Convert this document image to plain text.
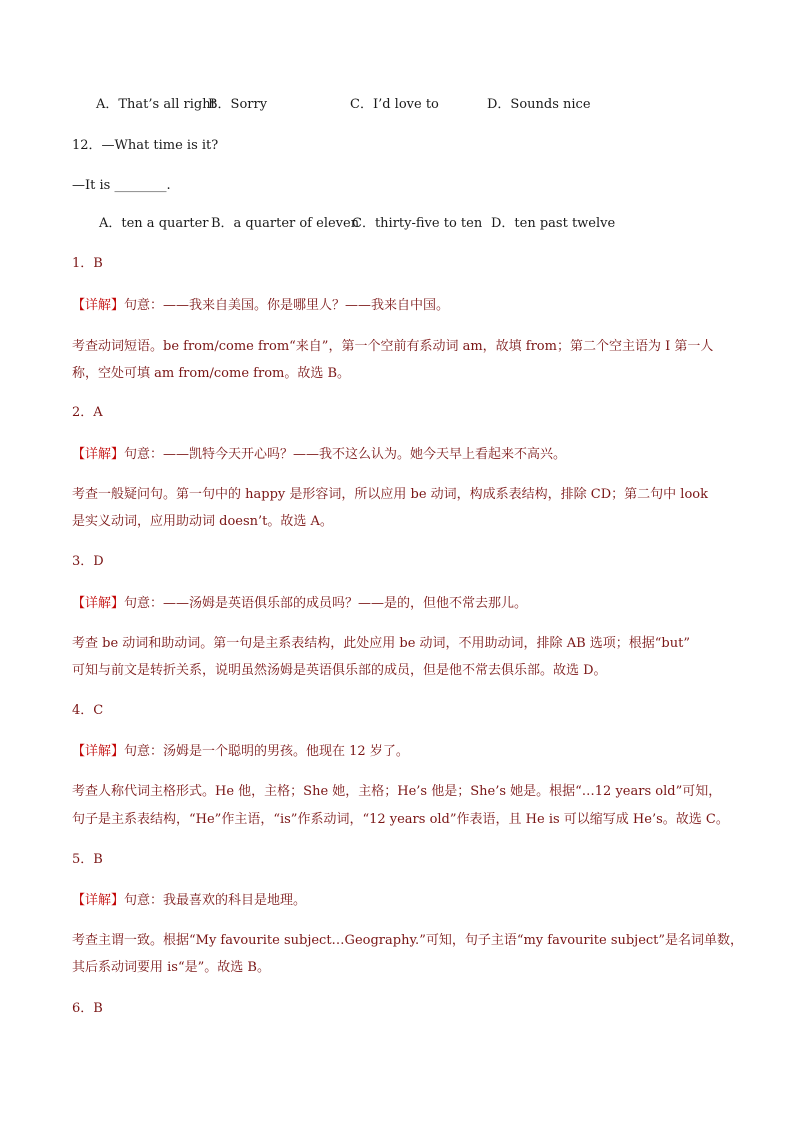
A．That’s all right
B．Sorry	C．I’d love to	D．Sounds nice
12．—What time is it?
—It is ________.
A．ten a quarter B．a quarter of eleven
C．thirty-five to ten D．ten past twelve
1．B
【详解】句意：——我来自美国。你是哪里人？——我来自中国。
考查动词短语。be from/come from“来自”，第一个空前有系动词 am，故填 from；第二个空主语为 I 第一人
称，空处可填 am from/come from。故选 B。
2．A
【详解】句意：——凯特今天开心吗？——我不这么认为。她今天早上看起来不高兴。
考查一般疑问句。第一句中的 happy 是形容词，所以应用 be 动词，构成系表结构，排除 CD；第二句中 look
是实义动词，应用助动词 doesn’t。故选 A。
3．D
【详解】句意：——汤姆是英语俱乐部的成员吗？——是的，但他不常去那儿。
考查 be 动词和助动词。第一句是主系表结构，此处应用 be 动词，不用助动词，排除 AB 选项；根据“but”
可知与前文是转折关系，说明虽然汤姆是英语俱乐部的成员，但是他不常去俱乐部。故选 D。
4．C
【详解】句意：汤姆是一个聪明的男孩。他现在 12 岁了。
考查人称代词主格形式。He 他，主格；She 她，主格；He’s 他是；She’s 她是。根据“…12 years old”可知，
句子是主系表结构，“He”作主语，“is”作系动词，“12 years old”作表语，且 He is 可以缩写成 He’s。故选 C。
5．B
【详解】句意：我最喜欢的科目是地理。
考查主谓一致。根据“My favourite subject…Geography.”可知，句子主语“my favourite subject”是名词单数，
其后系动词要用 is“是”。故选 B。
6．B
